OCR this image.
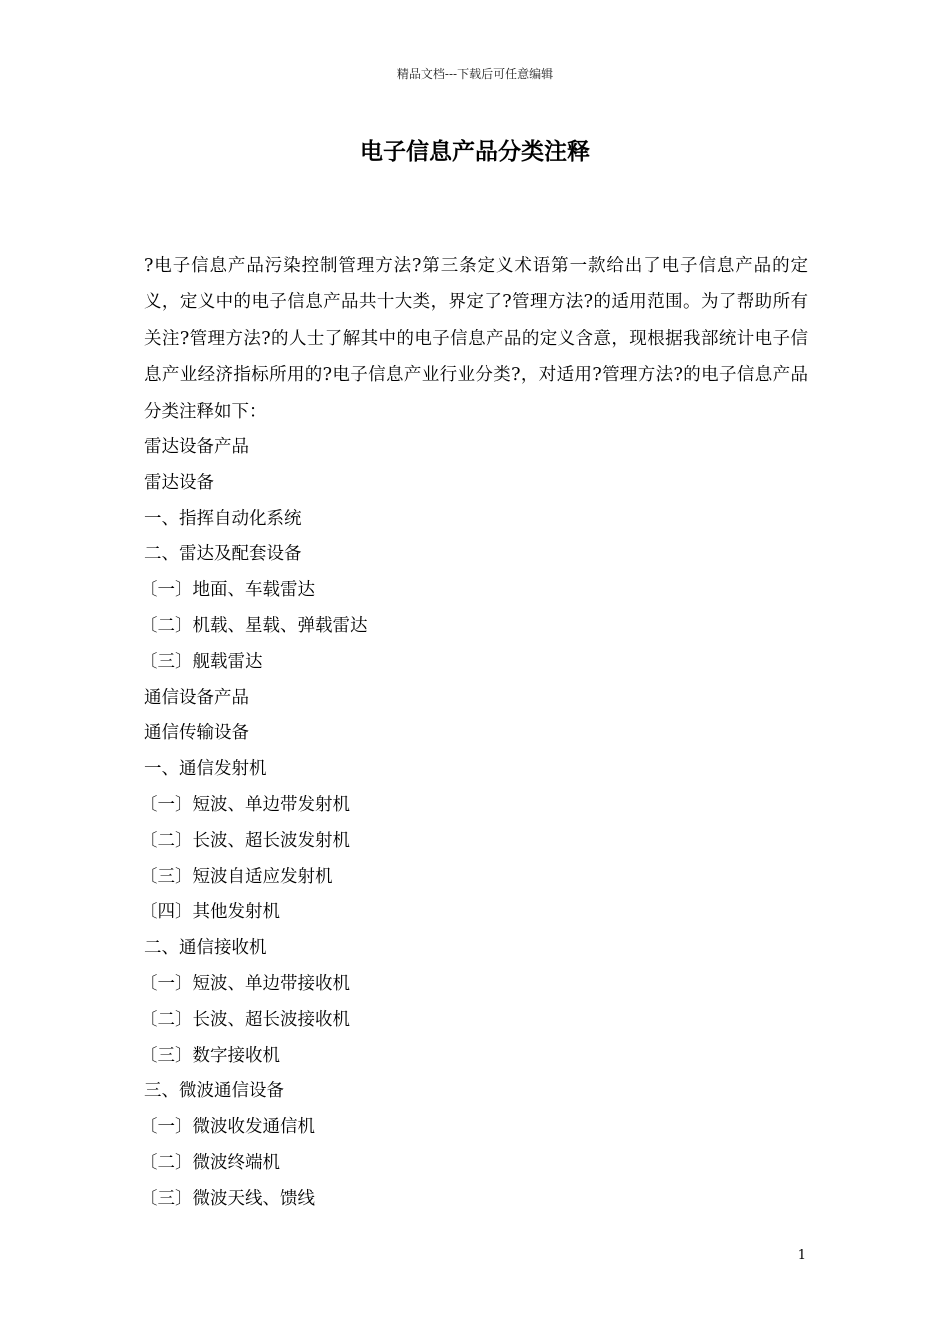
精品文档---下载后可任意编辑
电子信息产品分类注释

?电子信息产品污染控制管理方法?第三条定义术语第一款给出了电子信息产品的定义，定义中的电子信息产品共十大类，界定了?管理方法?的适用范围。为了帮助所有关注?管理方法?的人士了解其中的电子信息产品的定义含意，现根据我部统计电子信息产业经济指标所用的?电子信息产业行业分类?，对适用?管理方法?的电子信息产品分类注释如下：

雷达设备产品
雷达设备
一、指挥自动化系统
二、雷达及配套设备
〔一〕地面、车载雷达
〔二〕机载、星载、弹载雷达
〔三〕舰载雷达
通信设备产品
通信传输设备
一、通信发射机
〔一〕短波、单边带发射机
〔二〕长波、超长波发射机
〔三〕短波自适应发射机
〔四〕其他发射机
二、通信接收机
〔一〕短波、单边带接收机
〔二〕长波、超长波接收机
〔三〕数字接收机
三、微波通信设备
〔一〕微波收发通信机
〔二〕微波终端机
〔三〕微波天线、馈线
1
